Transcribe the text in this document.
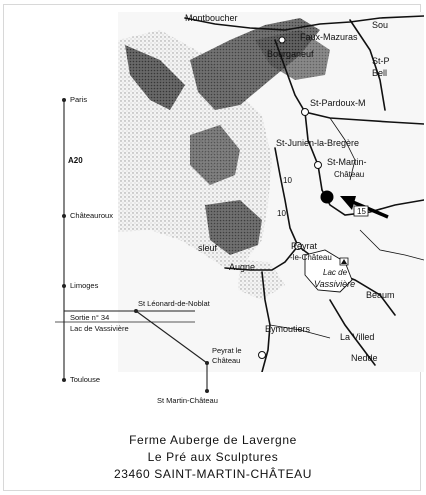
Montboucher
Faux-Mazuras
Bourganeuf
Sou
St-P
Bell
St-Pardoux-M
St-Junien-la-Bregère
St-Martin-
Château
10
10	15
Peyrat
-le-Château
Lac de
Vassivière
Beaum
Augne
sleuf
Eymoutiers
La Villed
Nedde
Paris
A20
Châteauroux
Limoges
Sortie n° 34
Lac de Vassivière
St Léonard-de-Noblat
Peyrat le
Château
Toulouse
St Martin-Château
Ferme Auberge de Lavergne
Le Pré aux Sculptures
23460 SAINT-MARTIN-CHÂTEAU
